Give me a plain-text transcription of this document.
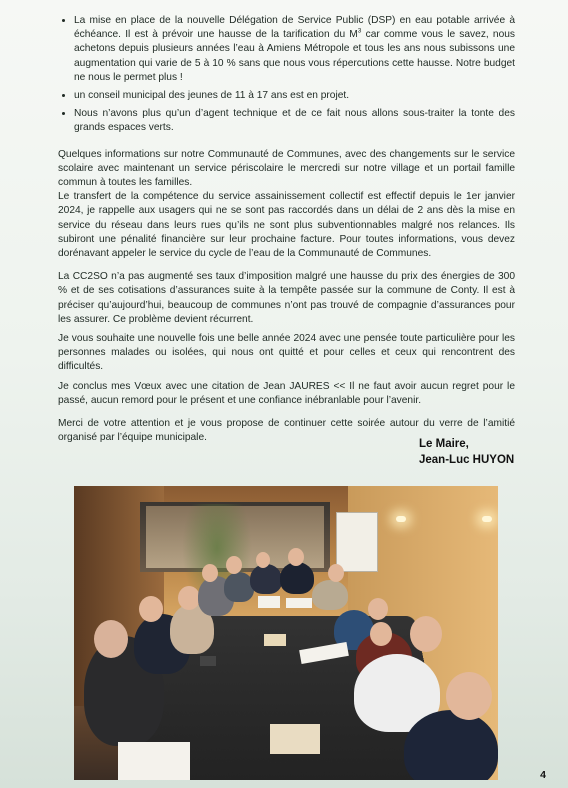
• La mise en place de la nouvelle Délégation de Service Public (DSP) en eau potable arrivée à échéance. Il est à prévoir une hausse de la tarification du $M^3$ car comme vous le savez, nous achetons depuis plusieurs années l’eau à Amiens Métropole et tous les ans nous subissons une augmentation qui varie de 5 à 10 % sans que nous vous répercutions cette hausse. Notre budget ne nous le permet plus !
• un conseil municipal des jeunes de 11 à 17 ans est en projet.
• Nous n’avons plus qu’un d’agent technique et de ce fait nous allons sous-traiter la tonte des grands espaces verts.

Quelques informations sur notre Communauté de Communes, avec des changements sur le service scolaire avec maintenant un service périscolaire le mercredi sur notre village et un portail famille commun à toutes les familles.
Le transfert de la compétence du service assainissement collectif est effectif depuis le 1er janvier 2024, je rappelle aux usagers qui ne se sont pas raccordés dans un délai de 2 ans dès la mise en service du réseau dans leurs rues qu’ils ne sont plus subventionnables malgré nos relances. Ils subiront une pénalité financière sur leur prochaine facture. Pour toutes informations, vous devez dorénavant appeler le service du cycle de l’eau de la Communauté de Communes.

La CC2SO n’a pas augmenté ses taux d’imposition malgré une hausse du prix des énergies de 300 % et de ses cotisations d’assurances suite à la tempête passée sur la commune de Conty. Il est à préciser qu’aujourd’hui, beaucoup de communes n’ont pas trouvé de compagnie d’assurances pour les assurer. Ce problème devient récurrent.

Je vous souhaite une nouvelle fois une belle année 2024 avec une pensée toute particulière pour les personnes malades ou isolées, qui nous ont quitté et pour celles et ceux qui rencontrent des difficultés.

Je conclus mes Vœux avec une citation de Jean JAURES << Il ne faut avoir aucun regret pour le passé, aucun remord pour le présent et une confiance inébranlable pour l’avenir.

Merci de votre attention et je vous propose de continuer cette soirée autour du verre de l’amitié organisé par l’équipe municipale.

Le Maire,
Jean-Luc HUYON
4
